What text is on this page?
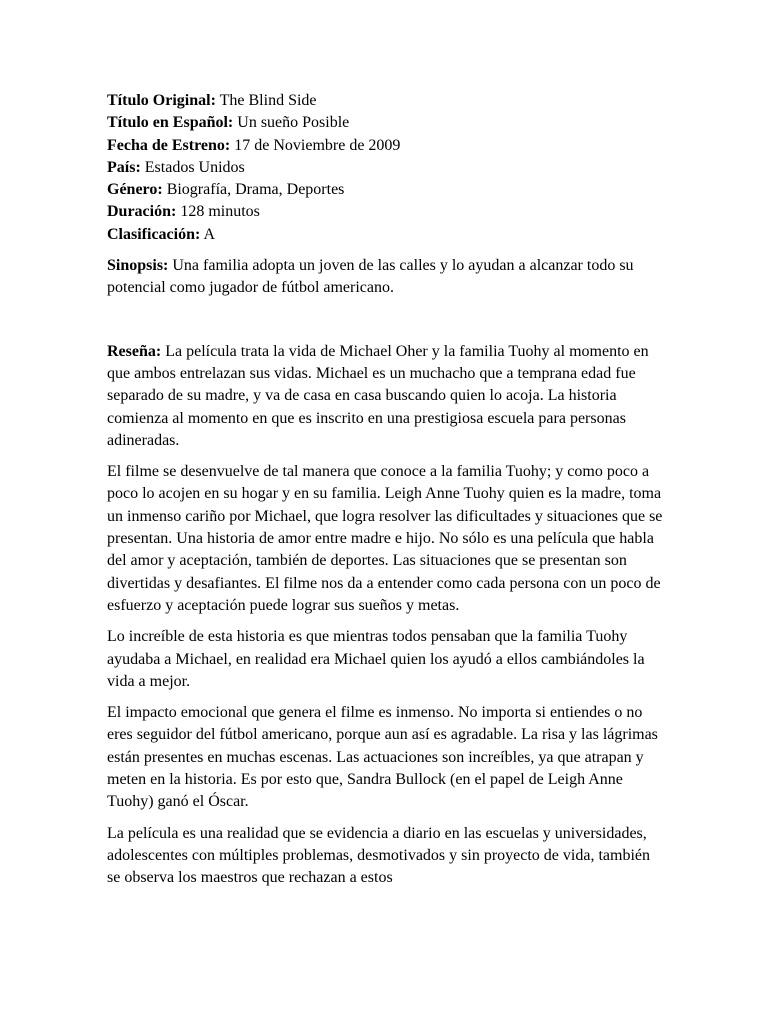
Título Original: The Blind Side

Título en Español: Un sueño Posible

Fecha de Estreno: 17 de Noviembre de 2009

País: Estados Unidos

Género: Biografía, Drama, Deportes

Duración: 128 minutos

Clasificación: A

Sinopsis: Una familia adopta un joven de las calles y lo ayudan a alcanzar todo su potencial como jugador de fútbol americano.

Reseña: La película trata la vida de Michael Oher y la familia Tuohy al momento en que ambos entrelazan sus vidas. Michael es un muchacho que a temprana edad fue separado de su madre, y va de casa en casa buscando quien lo acoja. La historia comienza al momento en que es inscrito en una prestigiosa escuela para personas adineradas.

El filme se desenvuelve de tal manera que conoce a la familia Tuohy; y como poco a poco lo acojen en su hogar y en su familia. Leigh Anne Tuohy quien es la madre, toma un inmenso cariño por Michael, que logra resolver las dificultades y situaciones que se presentan. Una historia de amor entre madre e hijo. No sólo es una película que habla del amor y aceptación, también de deportes. Las situaciones que se presentan son divertidas y desafiantes. El filme nos da a entender como cada persona con un poco de esfuerzo y aceptación puede lograr sus sueños y metas.

Lo increíble de esta historia es que mientras todos pensaban que la familia Tuohy ayudaba a Michael, en realidad era Michael quien los ayudó a ellos cambiándoles la vida a mejor.

El impacto emocional que genera el filme es inmenso. No importa si entiendes o no eres seguidor del fútbol americano, porque aun así es agradable. La risa y las lágrimas están presentes en muchas escenas. Las actuaciones son increíbles, ya que atrapan y meten en la historia. Es por esto que, Sandra Bullock (en el papel de Leigh Anne Tuohy) ganó el Óscar.

La película es una realidad que se evidencia a diario en las escuelas y universidades, adolescentes con múltiples problemas, desmotivados y sin proyecto de vida, también se observa los maestros que rechazan a estos
